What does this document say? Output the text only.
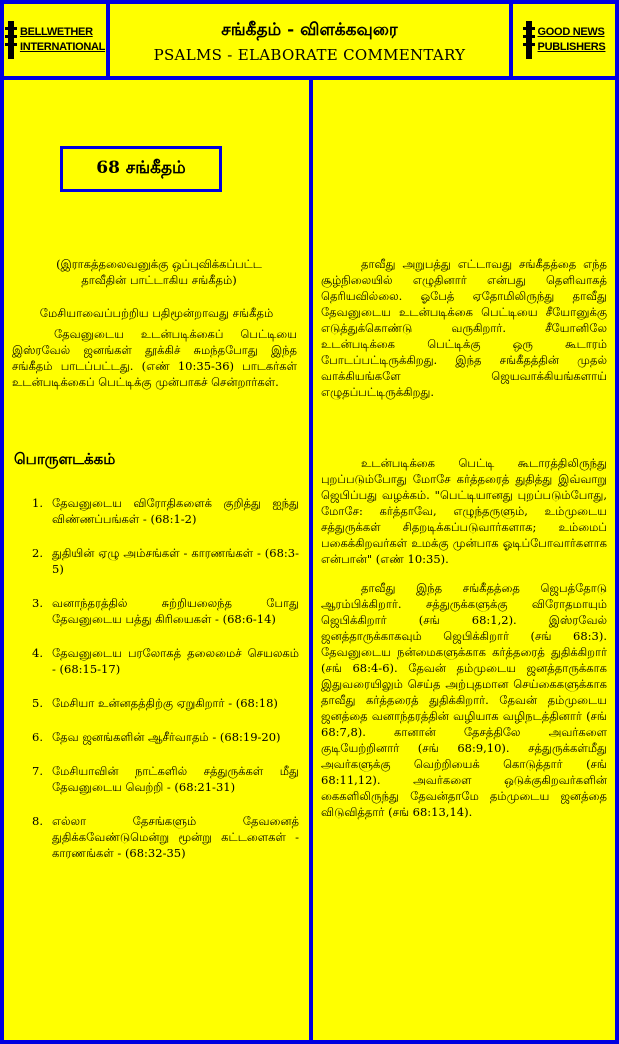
BELLWETHER
INTERNATIONAL
சங்கீதம் - விளக்கவுரை
PSALMS - ELABORATE COMMENTARY
GOOD NEWS
PUBLISHERS
68 சங்கீதம்
(இராகத்தலைவனுக்கு ஒப்புவிக்கப்பட்ட தாவீதின் பாட்டாகிய சங்கீதம்)
மேசியாவைப்பற்றிய பதிமூன்றாவது சங்கீதம்
தேவனுடைய உடன்படிக்கைப் பெட்டியை இஸ்ரவேல் ஜனங்கள் தூக்கிச் சுமந்தபோது இந்த சங்கீதம் பாடப்பட்டது. (எண் 10:35-36) பாடகர்கள் உடன்படிக்கைப் பெட்டிக்கு முன்பாகச் சென்றார்கள்.
பொருளடக்கம்
1. தேவனுடைய விரோதிகளைக் குறித்து ஐந்து விண்ணப்பங்கள் - (68:1-2)
2. துதியின் ஏழு அம்சங்கள் - காரணங்கள் - (68:3-5)
3. வனாந்தரத்தில் சுற்றியலைந்த போது தேவனுடைய பத்து கிரியைகள் - (68:6-14)
4. தேவனுடைய பரலோகத் தலைமைச் செயலகம் - (68:15-17)
5. மேசியா உன்னதத்திற்கு ஏறுகிறார் - (68:18)
6. தேவ ஜனங்களின் ஆசீர்வாதம் - (68:19-20)
7. மேசியாவின் நாட்களில் சத்துருக்கள் மீது தேவனுடைய வெற்றி - (68:21-31)
8. எல்லா தேசங்களும் தேவனைத் துதிக்கவேண்டுமென்று மூன்று கட்டளைகள் - காரணங்கள் - (68:32-35)
தாவீது அறுபத்து எட்டாவது சங்கீதத்தை எந்த சூழ்நிலையில் எழுதினார் என்பது தெளிவாகத் தெரியவில்லை. ஓபேத் ஏதோமிலிருந்து தாவீது தேவனுடைய உடன்படிக்கை பெட்டியை சீயோனுக்கு எடுத்துக்கொண்டு வருகிறார். சீயோனிலே உடன்படிக்கை பெட்டிக்கு ஒரு கூடாரம் போடப்பட்டிருக்கிறது. இந்த சங்கீதத்தின் முதல் வாக்கியங்களே ஜெயவாக்கியங்களாய் எழுதப்பட்டிருக்கிறது.
உடன்படிக்கை பெட்டி கூடாரத்திலிருந்து புறப்படும்போது மோசே கர்த்தரைத் துதித்து இவ்வாறு ஜெபிப்பது வழக்கம். "பெட்டியானது புறப்படும்போது, மோசே: கர்த்தாவே, எழுந்தருளும், உம்முடைய சத்துருக்கள் சிதறடிக்கப்படுவார்களாக; உம்மைப் பகைக்கிறவர்கள் உமக்கு முன்பாக ஓடிப்போவார்களாக என்பான்" (எண் 10:35).
தாவீது இந்த சங்கீதத்தை ஜெபத்தோடு ஆரம்பிக்கிறார். சத்துருக்களுக்கு விரோதமாயும் ஜெபிக்கிறார் (சங் 68:1,2). இஸ்ரவேல் ஜனத்தாருக்காகவும் ஜெபிக்கிறார் (சங் 68:3). தேவனுடைய நன்மைகளுக்காக கர்த்தரைத் துதிக்கிறார் (சங் 68:4-6). தேவன் தம்முடைய ஜனத்தாருக்காக இதுவரையிலும் செய்த அற்புதமான செய்கைகளுக்காக தாவீது கர்த்தரைத் துதிக்கிறார். தேவன் தம்முடைய ஜனத்தை வனாந்தரத்தின் வழியாக வழிநடத்தினார் (சங் 68:7,8). கானான் தேசத்திலே அவர்களை குடியேற்றினார் (சங் 68:9,10). சத்துருக்கள்மீது அவர்களுக்கு வெற்றியைக் கொடுத்தார் (சங் 68:11,12). அவர்களை ஒடுக்குகிறவர்களின் கைகளிலிருந்து தேவன்தாமே தம்முடைய ஜனத்தை விடுவித்தார் (சங் 68:13,14).
